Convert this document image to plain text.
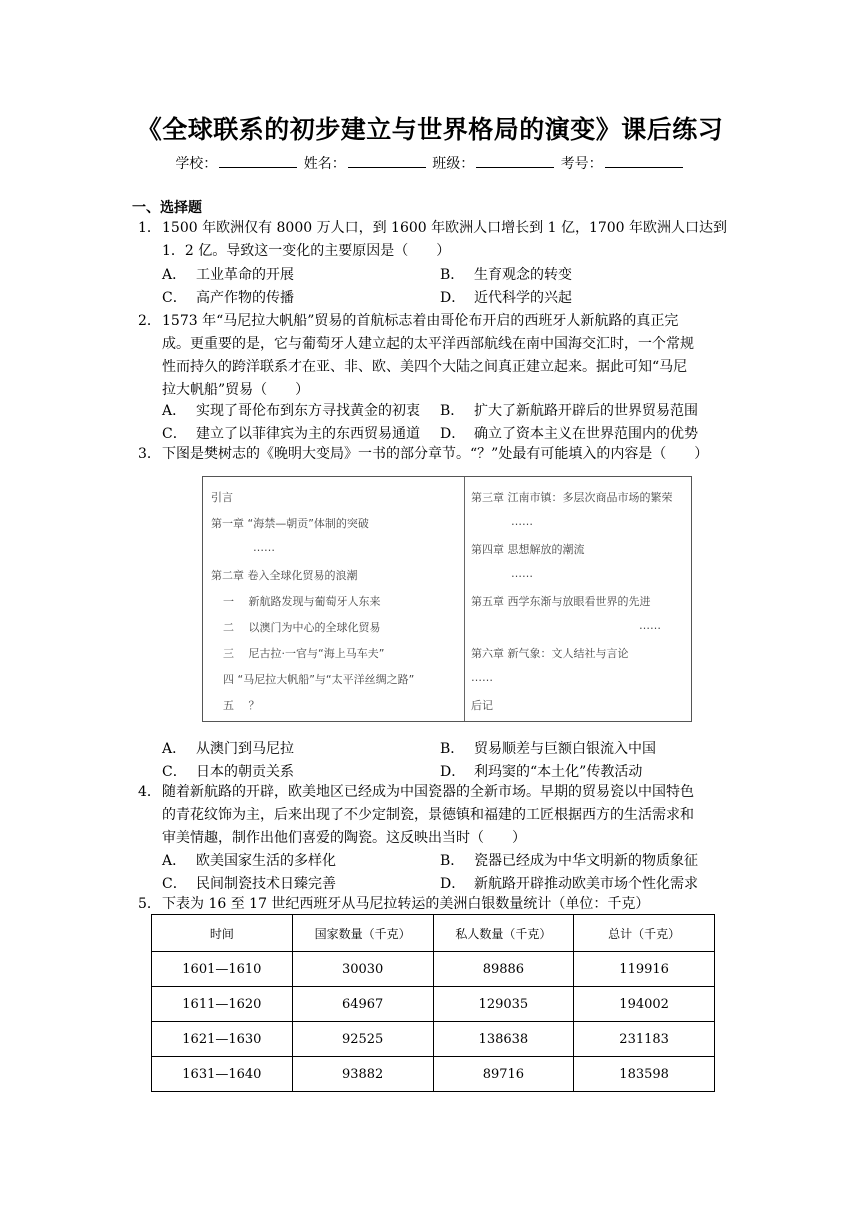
《全球联系的初步建立与世界格局的演变》课后练习
学校：	姓名：	班级：	考号：
一、选择题
1． 1500 年欧洲仅有 8000 万人口，到 1600 年欧洲人口增长到 1 亿，1700 年欧洲人口达到
1．2 亿。导致这一变化的主要原因是（　　）
A． 工业革命的开展	B． 生育观念的转变
C． 高产作物的传播	D． 近代科学的兴起
2． 1573 年“马尼拉大帆船”贸易的首航标志着由哥伦布开启的西班牙人新航路的真正完
成。更重要的是，它与葡萄牙人建立起的太平洋西部航线在南中国海交汇时，一个常规
性而持久的跨洋联系才在亚、非、欧、美四个大陆之间真正建立起来。据此可知“马尼
拉大帆船”贸易（　　）
A． 实现了哥伦布到东方寻找黄金的初衷 B． 扩大了新航路开辟后的世界贸易范围
C． 建立了以菲律宾为主的东西贸易通道 D． 确立了资本主义在世界范围内的优势
3． 下图是樊树志的《晚明大变局》一书的部分章节。“？”处最有可能填入的内容是（　　）
引言
第一章 “海禁—朝贡”体制的突破
……
第二章 卷入全球化贸易的浪潮
一　 新航路发现与葡萄牙人东来
二　 以澳门为中心的全球化贸易
三　 尼古拉·一官与“海上马车夫”
四 “马尼拉大帆船”与“太平洋丝绸之路”
五　 ？
第三章 江南市镇：多层次商品市场的繁荣
……
第四章 思想解放的潮流
……
第五章 西学东渐与放眼看世界的先进
……
第六章 新气象：文人结社与言论
……
后记
A． 从澳门到马尼拉	B． 贸易顺差与巨额白银流入中国
C． 日本的朝贡关系	D． 利玛窦的“本土化”传教活动
4． 随着新航路的开辟，欧美地区已经成为中国瓷器的全新市场。早期的贸易瓷以中国特色
的青花纹饰为主，后来出现了不少定制瓷，景德镇和福建的工匠根据西方的生活需求和
审美情趣，制作出他们喜爱的陶瓷。这反映出当时（　　）
A． 欧美国家生活的多样化	B． 瓷器已经成为中华文明新的物质象征
C． 民间制瓷技术日臻完善	D． 新航路开辟推动欧美市场个性化需求
5． 下表为 16 至 17 世纪西班牙从马尼拉转运的美洲白银数量统计（单位：千克）
时间	国家数量（千克）	私人数量（千克）	总计（千克）
1601—1610	30030	89886	119916
1611—1620	64967	129035	194002
1621—1630	92525	138638	231183
1631—1640	93882	89716	183598
